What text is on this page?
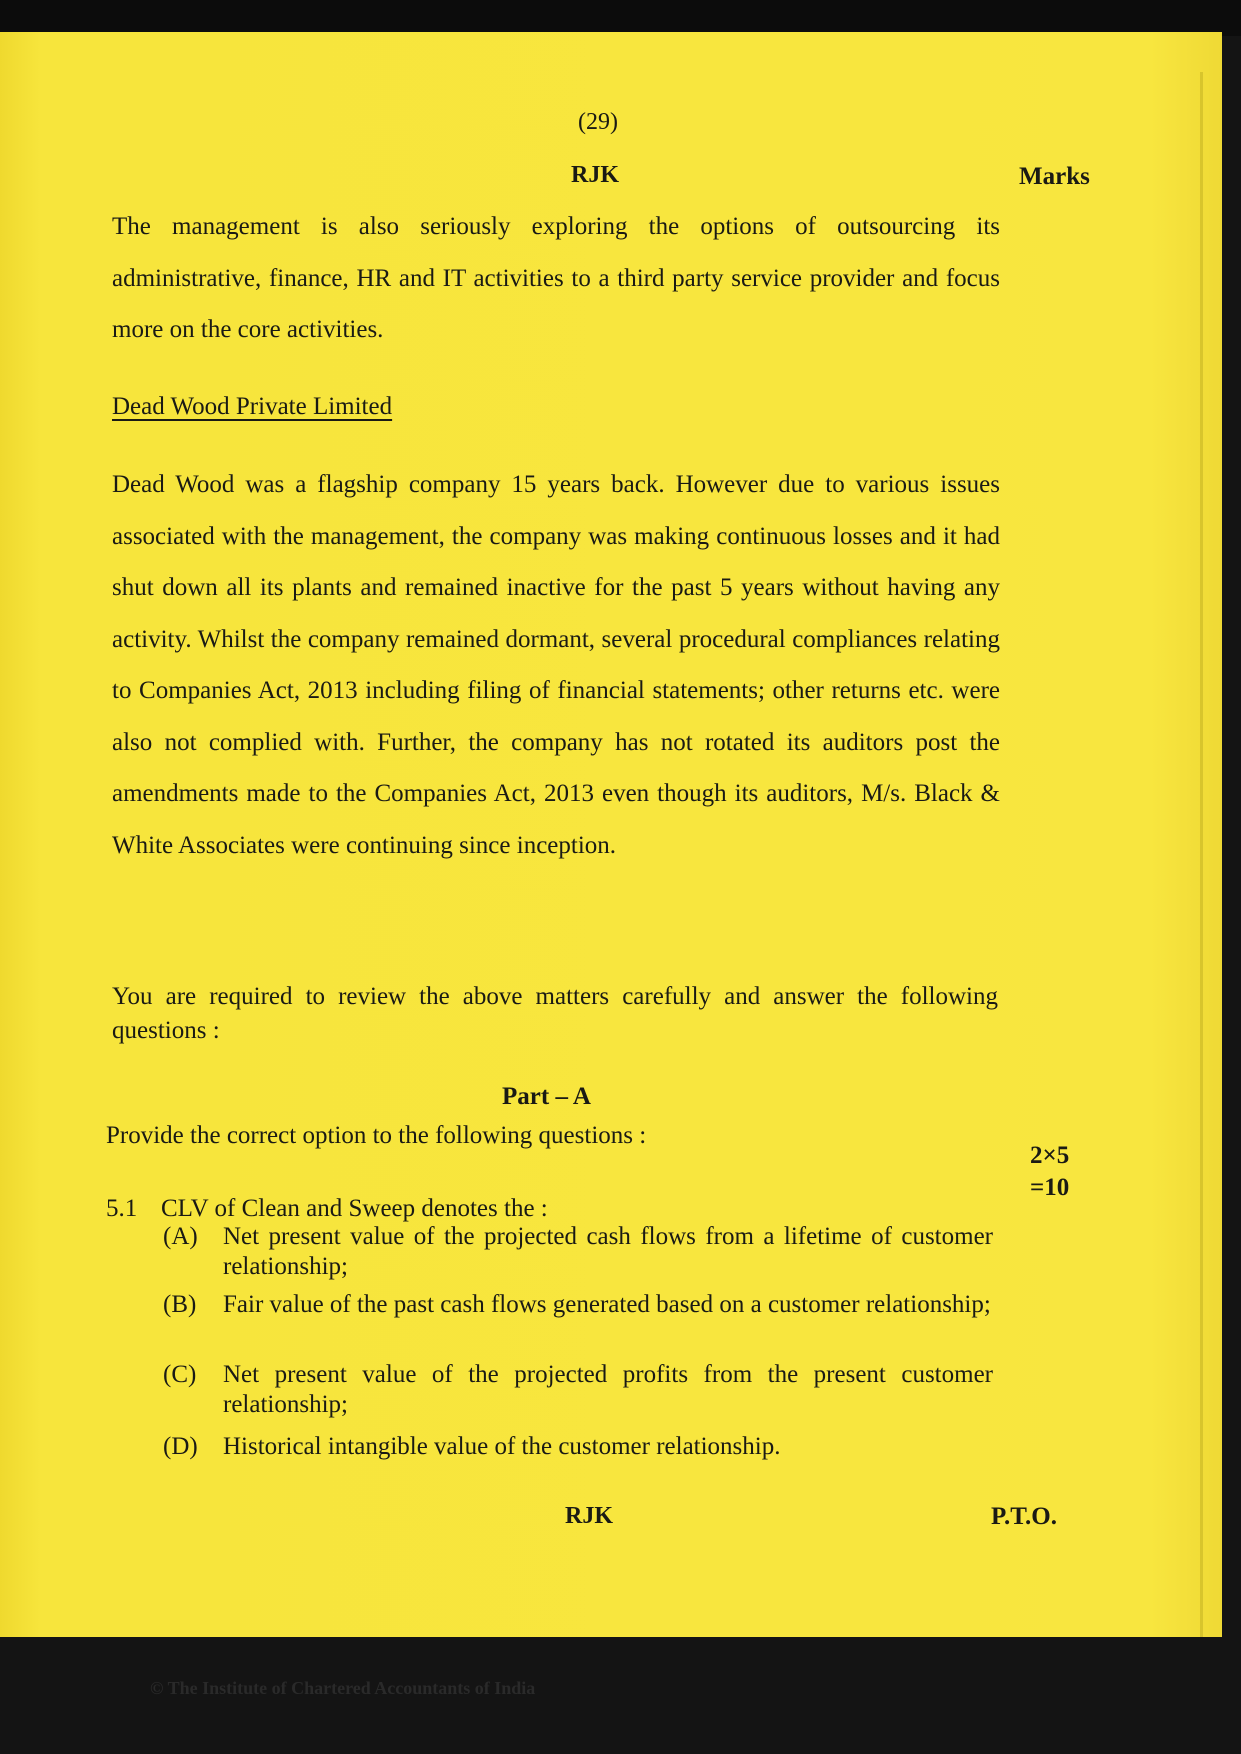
(29)
RJK	Marks
The management is also seriously exploring the options of outsourcing its administrative, finance, HR and IT activities to a third party service provider and focus more on the core activities.
Dead Wood Private Limited
Dead Wood was a flagship company 15 years back. However due to various issues associated with the management, the company was making continuous losses and it had shut down all its plants and remained inactive for the past 5 years without having any activity. Whilst the company remained dormant, several procedural compliances relating to Companies Act, 2013 including filing of financial statements; other returns etc. were also not complied with. Further, the company has not rotated its auditors post the amendments made to the Companies Act, 2013 even though its auditors, M/s. Black & White Associates were continuing since inception.
You are required to review the above matters carefully and answer the following questions :
Part – A
Provide the correct option to the following questions :
2×5 =10
5.1 CLV of Clean and Sweep denotes the :
(A) Net present value of the projected cash flows from a lifetime of customer relationship;
(B) Fair value of the past cash flows generated based on a customer relationship;
(C) Net present value of the projected profits from the present customer relationship;
(D) Historical intangible value of the customer relationship.
RJK	P.T.O.
© The Institute of Chartered Accountants of India
